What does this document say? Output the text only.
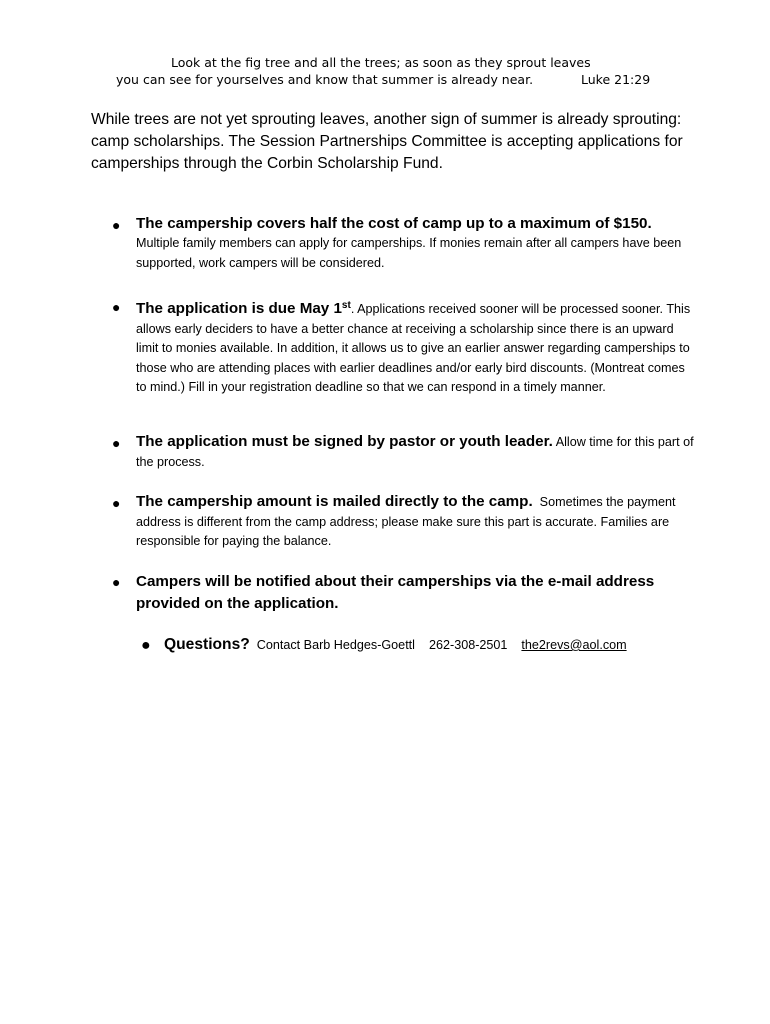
Look at the fig tree and all the trees; as soon as they sprout leaves
you can see for yourselves and know that summer is already near.	Luke 21:29

While trees are not yet sprouting leaves, another sign of summer is already sprouting: camp scholarships. The Session Partnerships Committee is accepting applications for camperships through the Corbin Scholarship Fund.

● The campership covers half the cost of camp up to a maximum of $150.
Multiple family members can apply for camperships. If monies remain after all campers have been supported, work campers will be considered.
● The application is due May 1st. Applications received sooner will be processed sooner. This allows early deciders to have a better chance at receiving a scholarship since there is an upward limit to monies available. In addition, it allows us to give an earlier answer regarding camperships to those who are attending places with earlier deadlines and/or early bird discounts. (Montreat comes to mind.) Fill in your registration deadline so that we can respond in a timely manner.
● The application must be signed by pastor or youth leader. Allow time for this part of the process.
● The campership amount is mailed directly to the camp. Sometimes the payment address is different from the camp address; please make sure this part is accurate. Families are responsible for paying the balance.
● Campers will be notified about their camperships via the e-mail address provided on the application.
● Questions? Contact Barb Hedges-Goettl 262-308-2501 the2revs@aol.com
